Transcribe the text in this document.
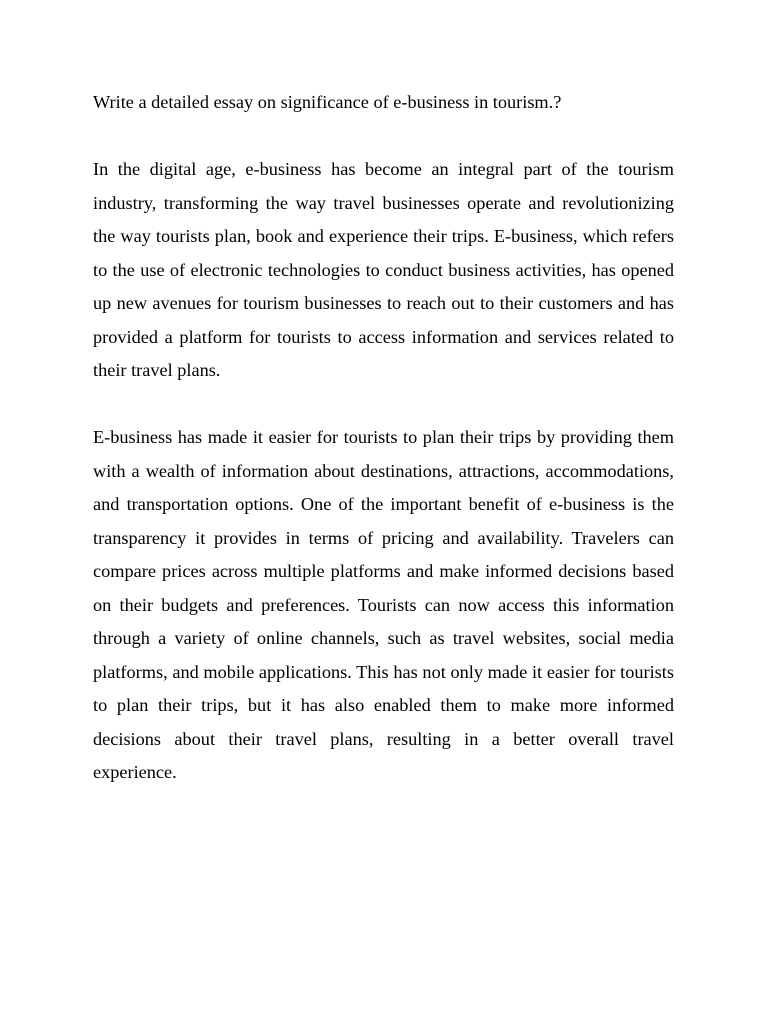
Write a detailed essay on significance of e-business in tourism.?

In the digital age, e-business has become an integral part of the tourism industry, transforming the way travel businesses operate and revolutionizing the way tourists plan, book and experience their trips. E-business, which refers to the use of electronic technologies to conduct business activities, has opened up new avenues for tourism businesses to reach out to their customers and has provided a platform for tourists to access information and services related to their travel plans.

E-business has made it easier for tourists to plan their trips by providing them with a wealth of information about destinations, attractions, accommodations, and transportation options. One of the important benefit of e-business is the transparency it provides in terms of pricing and availability. Travelers can compare prices across multiple platforms and make informed decisions based on their budgets and preferences. Tourists can now access this information through a variety of online channels, such as travel websites, social media platforms, and mobile applications. This has not only made it easier for tourists to plan their trips, but it has also enabled them to make more informed decisions about their travel plans, resulting in a better overall travel experience.
